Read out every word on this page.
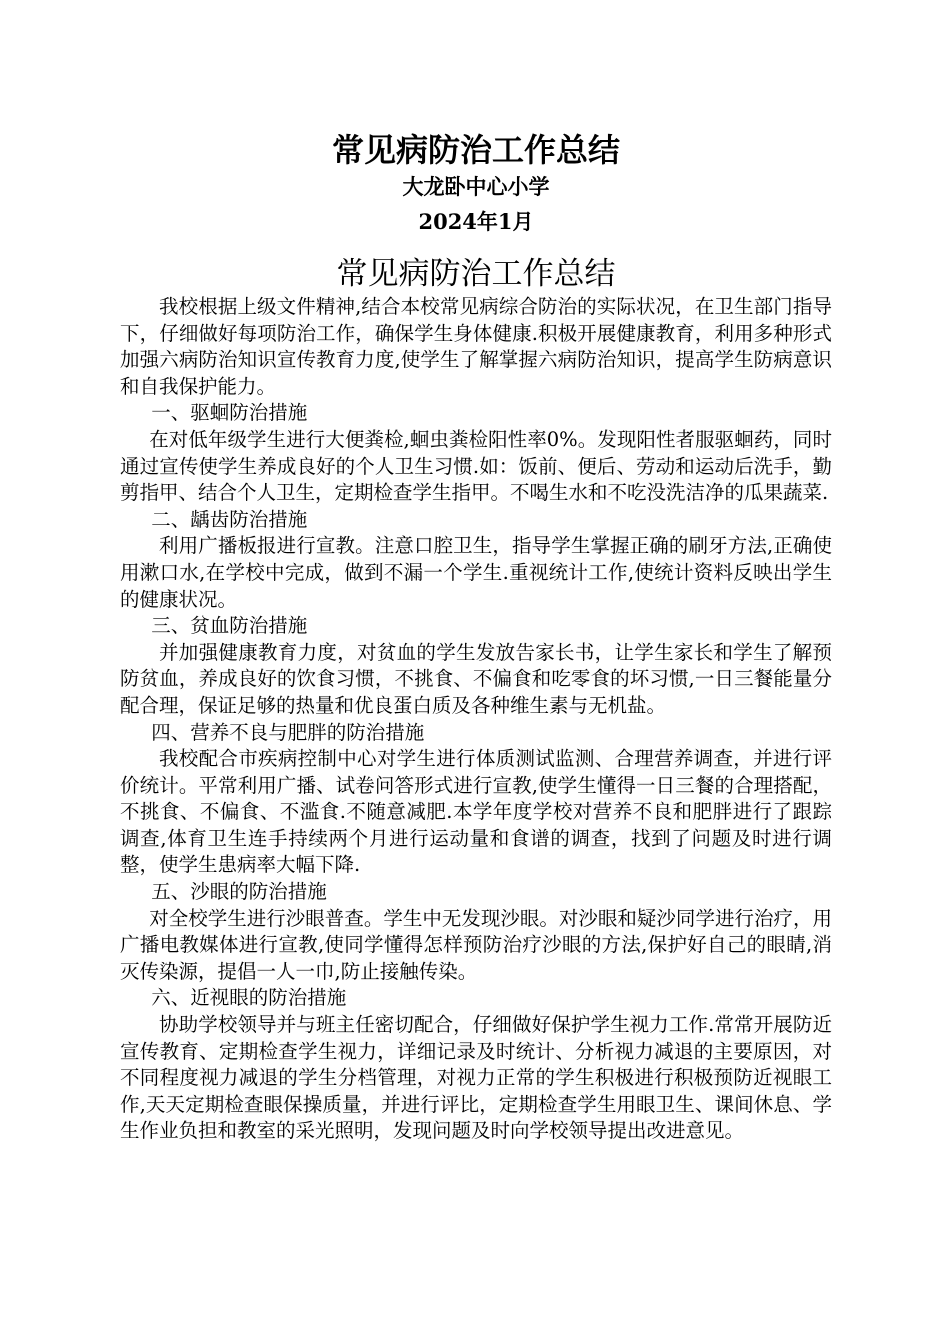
常见病防治工作总结
大龙卧中心小学
2024年1月
常见病防治工作总结

我校根据上级文件精神,结合本校常见病综合防治的实际状况，在卫生部门指导下，仔细做好每项防治工作，确保学生身体健康.积极开展健康教育，利用多种形式加强六病防治知识宣传教育力度,使学生了解掌握六病防治知识，提高学生防病意识和自我保护能力。

一、驱蛔防治措施

在对低年级学生进行大便粪检,蛔虫粪检阳性率0%。发现阳性者服驱蛔药，同时通过宣传使学生养成良好的个人卫生习惯.如：饭前、便后、劳动和运动后洗手，勤剪指甲、结合个人卫生，定期检查学生指甲。不喝生水和不吃没洗洁净的瓜果蔬菜.

二、龋齿防治措施

利用广播板报进行宣教。注意口腔卫生，指导学生掌握正确的刷牙方法,正确使用漱口水,在学校中完成，做到不漏一个学生.重视统计工作,使统计资料反映出学生的健康状况。

三、贫血防治措施

并加强健康教育力度，对贫血的学生发放告家长书，让学生家长和学生了解预防贫血，养成良好的饮食习惯，不挑食、不偏食和吃零食的坏习惯,一日三餐能量分配合理，保证足够的热量和优良蛋白质及各种维生素与无机盐。

四、营养不良与肥胖的防治措施

我校配合市疾病控制中心对学生进行体质测试监测、合理营养调查，并进行评价统计。平常利用广播、试卷问答形式进行宣教,使学生懂得一日三餐的合理搭配，不挑食、不偏食、不滥食.不随意减肥.本学年度学校对营养不良和肥胖进行了跟踪调查,体育卫生连手持续两个月进行运动量和食谱的调查，找到了问题及时进行调整，使学生患病率大幅下降.

五、沙眼的防治措施

对全校学生进行沙眼普查。学生中无发现沙眼。对沙眼和疑沙同学进行治疗，用广播电教媒体进行宣教,使同学懂得怎样预防治疗沙眼的方法,保护好自己的眼睛,消灭传染源，提倡一人一巾,防止接触传染。

六、近视眼的防治措施

协助学校领导并与班主任密切配合，仔细做好保护学生视力工作.常常开展防近宣传教育、定期检查学生视力，详细记录及时统计、分析视力减退的主要原因，对不同程度视力减退的学生分档管理，对视力正常的学生积极进行积极预防近视眼工作,天天定期检查眼保操质量，并进行评比，定期检查学生用眼卫生、课间休息、学生作业负担和教室的采光照明，发现问题及时向学校领导提出改进意见。
